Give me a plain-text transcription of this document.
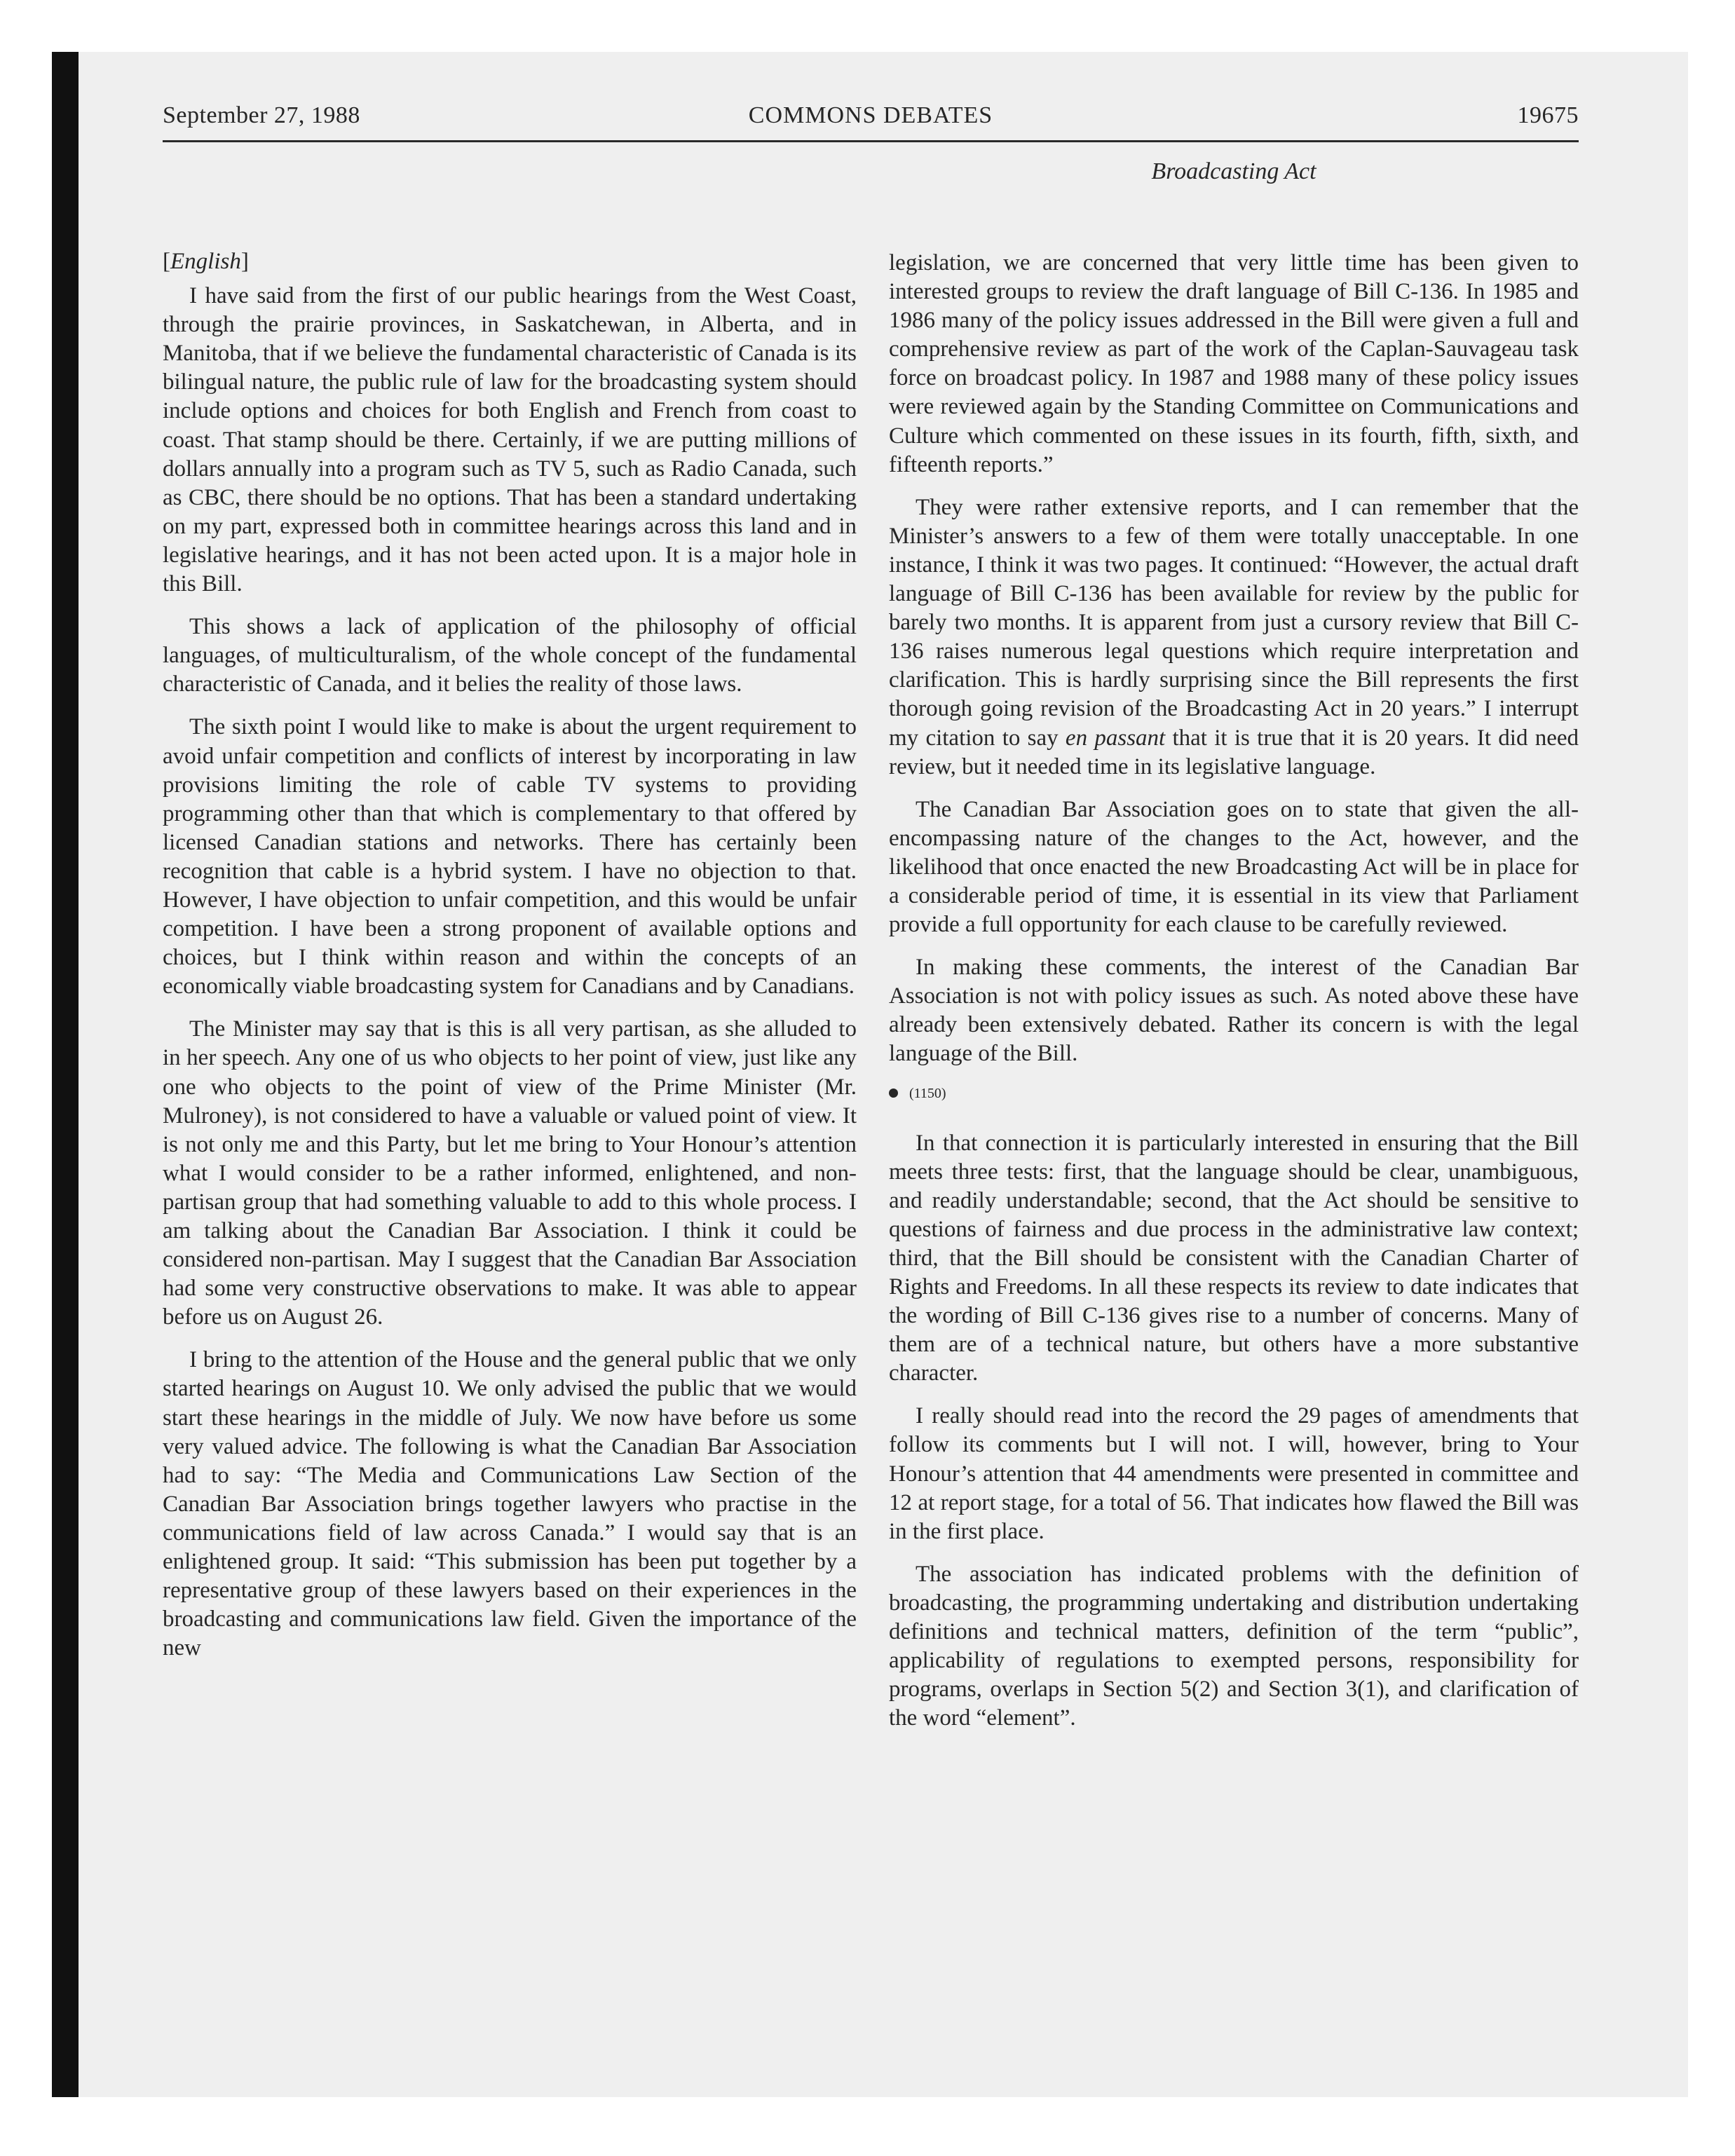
September 27, 1988	COMMONS DEBATES	19675
Broadcasting Act

[English]

I have said from the first of our public hearings from the West Coast, through the prairie provinces, in Saskatchewan, in Alberta, and in Manitoba, that if we believe the fundamental characteristic of Canada is its bilingual nature, the public rule of law for the broadcasting system should include options and choices for both English and French from coast to coast. That stamp should be there. Certainly, if we are putting millions of dollars annually into a program such as TV 5, such as Radio Canada, such as CBC, there should be no options. That has been a standard undertaking on my part, expressed both in committee hearings across this land and in legislative hearings, and it has not been acted upon. It is a major hole in this Bill.

This shows a lack of application of the philosophy of official languages, of multiculturalism, of the whole concept of the fundamental characteristic of Canada, and it belies the reality of those laws.

The sixth point I would like to make is about the urgent requirement to avoid unfair competition and conflicts of interest by incorporating in law provisions limiting the role of cable TV systems to providing programming other than that which is complementary to that offered by licensed Canadian stations and networks. There has certainly been recognition that cable is a hybrid system. I have no objection to that. However, I have objection to unfair competition, and this would be unfair competition. I have been a strong proponent of available options and choices, but I think within reason and within the concepts of an economically viable broadcasting system for Canadians and by Canadians.

The Minister may say that is this is all very partisan, as she alluded to in her speech. Any one of us who objects to her point of view, just like any one who objects to the point of view of the Prime Minister (Mr. Mulroney), is not considered to have a valuable or valued point of view. It is not only me and this Party, but let me bring to Your Honour’s attention what I would consider to be a rather informed, enlightened, and non-partisan group that had something valuable to add to this whole process. I am talking about the Canadian Bar Association. I think it could be considered non-partisan. May I suggest that the Canadian Bar Association had some very constructive observations to make. It was able to appear before us on August 26.

I bring to the attention of the House and the general public that we only started hearings on August 10. We only advised the public that we would start these hearings in the middle of July. We now have before us some very valued advice. The following is what the Canadian Bar Association had to say: “The Media and Communications Law Section of the Canadian Bar Association brings together lawyers who practise in the communications field of law across Canada.” I would say that is an enlightened group. It said: “This submission has been put together by a representative group of these lawyers based on their experiences in the broadcasting and communications law field. Given the importance of the new

legislation, we are concerned that very little time has been given to interested groups to review the draft language of Bill C-136. In 1985 and 1986 many of the policy issues addressed in the Bill were given a full and comprehensive review as part of the work of the Caplan-Sauvageau task force on broadcast policy. In 1987 and 1988 many of these policy issues were reviewed again by the Standing Committee on Communications and Culture which commented on these issues in its fourth, fifth, sixth, and fifteenth reports.”

They were rather extensive reports, and I can remember that the Minister’s answers to a few of them were totally unacceptable. In one instance, I think it was two pages. It continued: “However, the actual draft language of Bill C-136 has been available for review by the public for barely two months. It is apparent from just a cursory review that Bill C-136 raises numerous legal questions which require interpretation and clarification. This is hardly surprising since the Bill represents the first thorough going revision of the Broadcasting Act in 20 years.” I interrupt my citation to say en passant that it is true that it is 20 years. It did need review, but it needed time in its legislative language.

The Canadian Bar Association goes on to state that given the all-encompassing nature of the changes to the Act, however, and the likelihood that once enacted the new Broadcasting Act will be in place for a considerable period of time, it is essential in its view that Parliament provide a full opportunity for each clause to be carefully reviewed.

In making these comments, the interest of the Canadian Bar Association is not with policy issues as such. As noted above these have already been extensively debated. Rather its concern is with the legal language of the Bill.

(1150)

In that connection it is particularly interested in ensuring that the Bill meets three tests: first, that the language should be clear, unambiguous, and readily understandable; second, that the Act should be sensitive to questions of fairness and due process in the administrative law context; third, that the Bill should be consistent with the Canadian Charter of Rights and Freedoms. In all these respects its review to date indicates that the wording of Bill C-136 gives rise to a number of concerns. Many of them are of a technical nature, but others have a more substantive character.

I really should read into the record the 29 pages of amendments that follow its comments but I will not. I will, however, bring to Your Honour’s attention that 44 amendments were presented in committee and 12 at report stage, for a total of 56. That indicates how flawed the Bill was in the first place.

The association has indicated problems with the definition of broadcasting, the programming undertaking and distribution undertaking definitions and technical matters, definition of the term “public”, applicability of regulations to exempted persons, responsibility for programs, overlaps in Section 5(2) and Section 3(1), and clarification of the word “element”.
